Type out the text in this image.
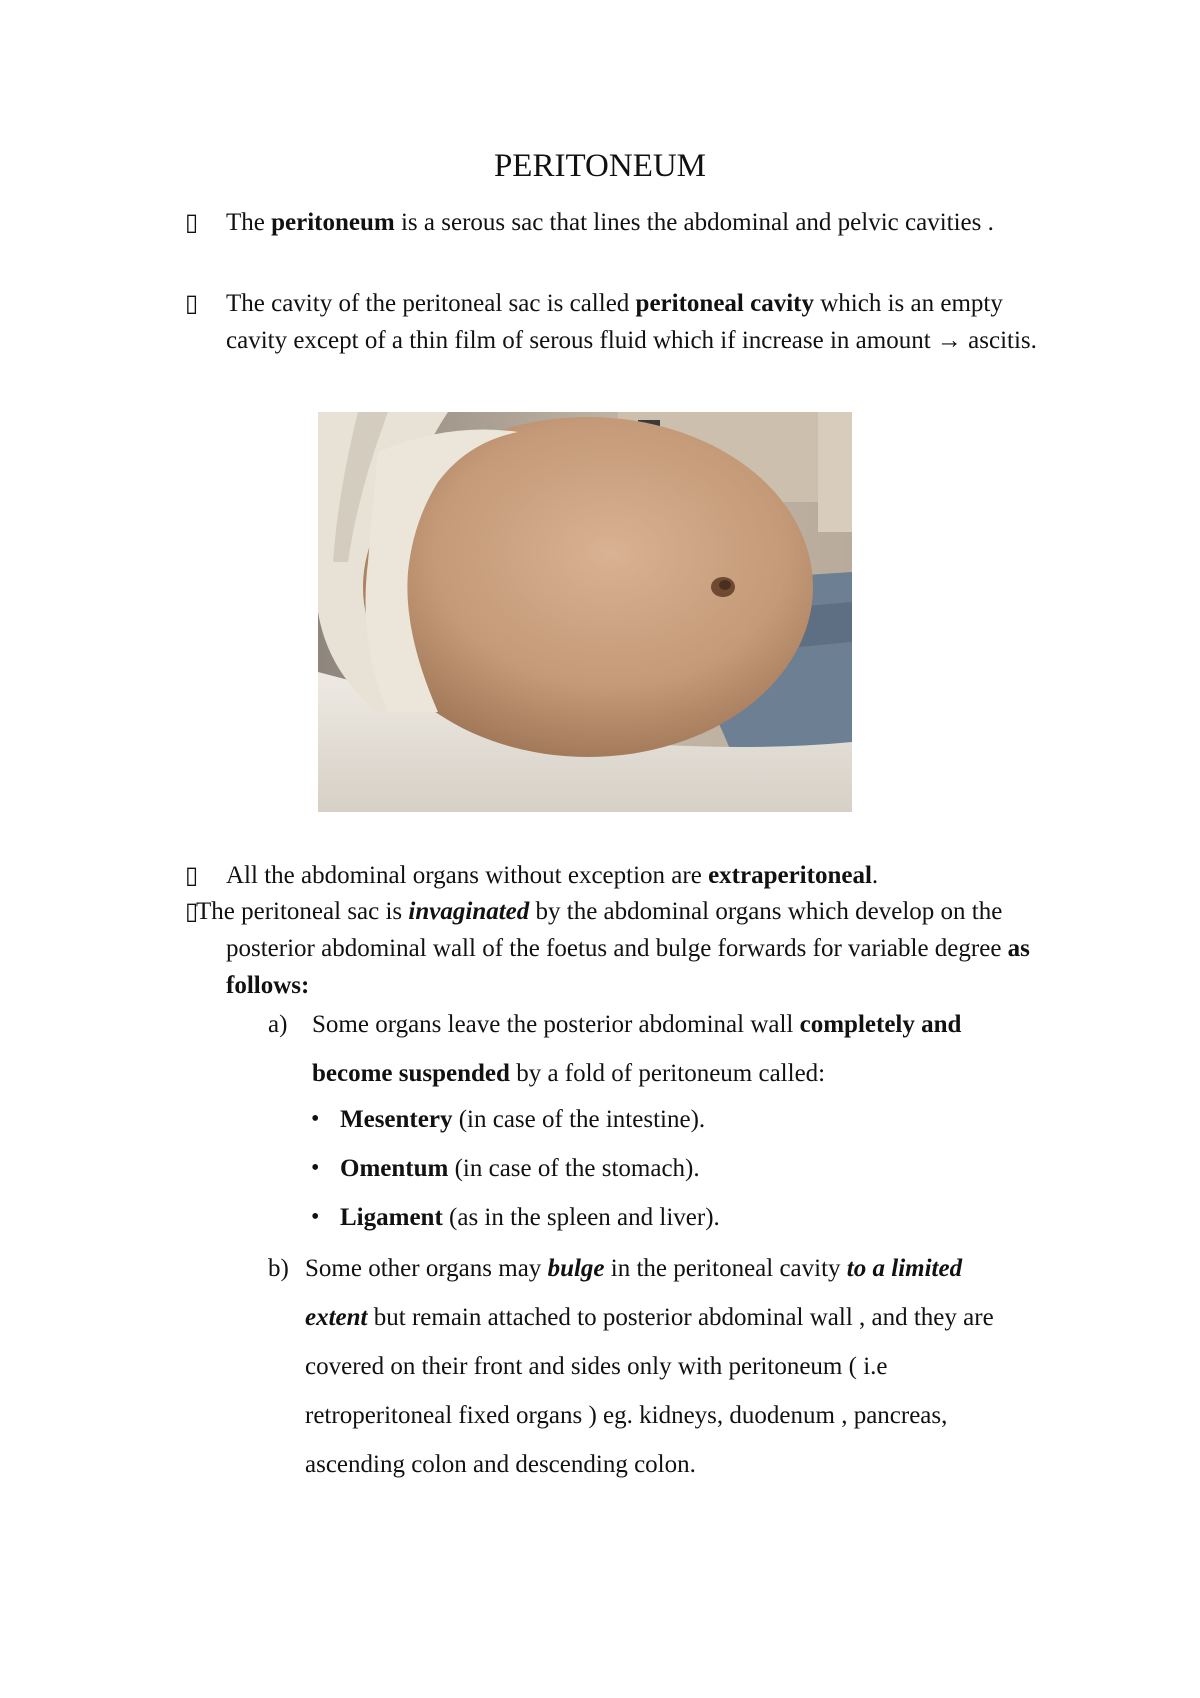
PERITONEUM
▯ The peritoneum is a serous sac that lines the abdominal and pelvic cavities .

▯ The cavity of the peritoneal sac is called peritoneal cavity which is an empty cavity except of a thin film of serous fluid which if increase in amount → ascitis.

▯ All the abdominal organs without exception are extraperitoneal.

▯

The peritoneal sac is invaginated by the abdominal organs which develop on the posterior abdominal wall of the foetus and bulge forwards for variable degree as follows:

a) Some organs leave the posterior abdominal wall completely and become suspended by a fold of peritoneum called:

• Mesentery (in case of the intestine).
• Omentum (in case of the stomach).
• Ligament (as in the spleen and liver).
b) Some other organs may bulge in the peritoneal cavity to a limited extent but remain attached to posterior abdominal wall , and they are covered on their front and sides only with peritoneum ( i.e retroperitoneal fixed organs ) eg. kidneys, duodenum , pancreas, ascending colon and descending colon.
